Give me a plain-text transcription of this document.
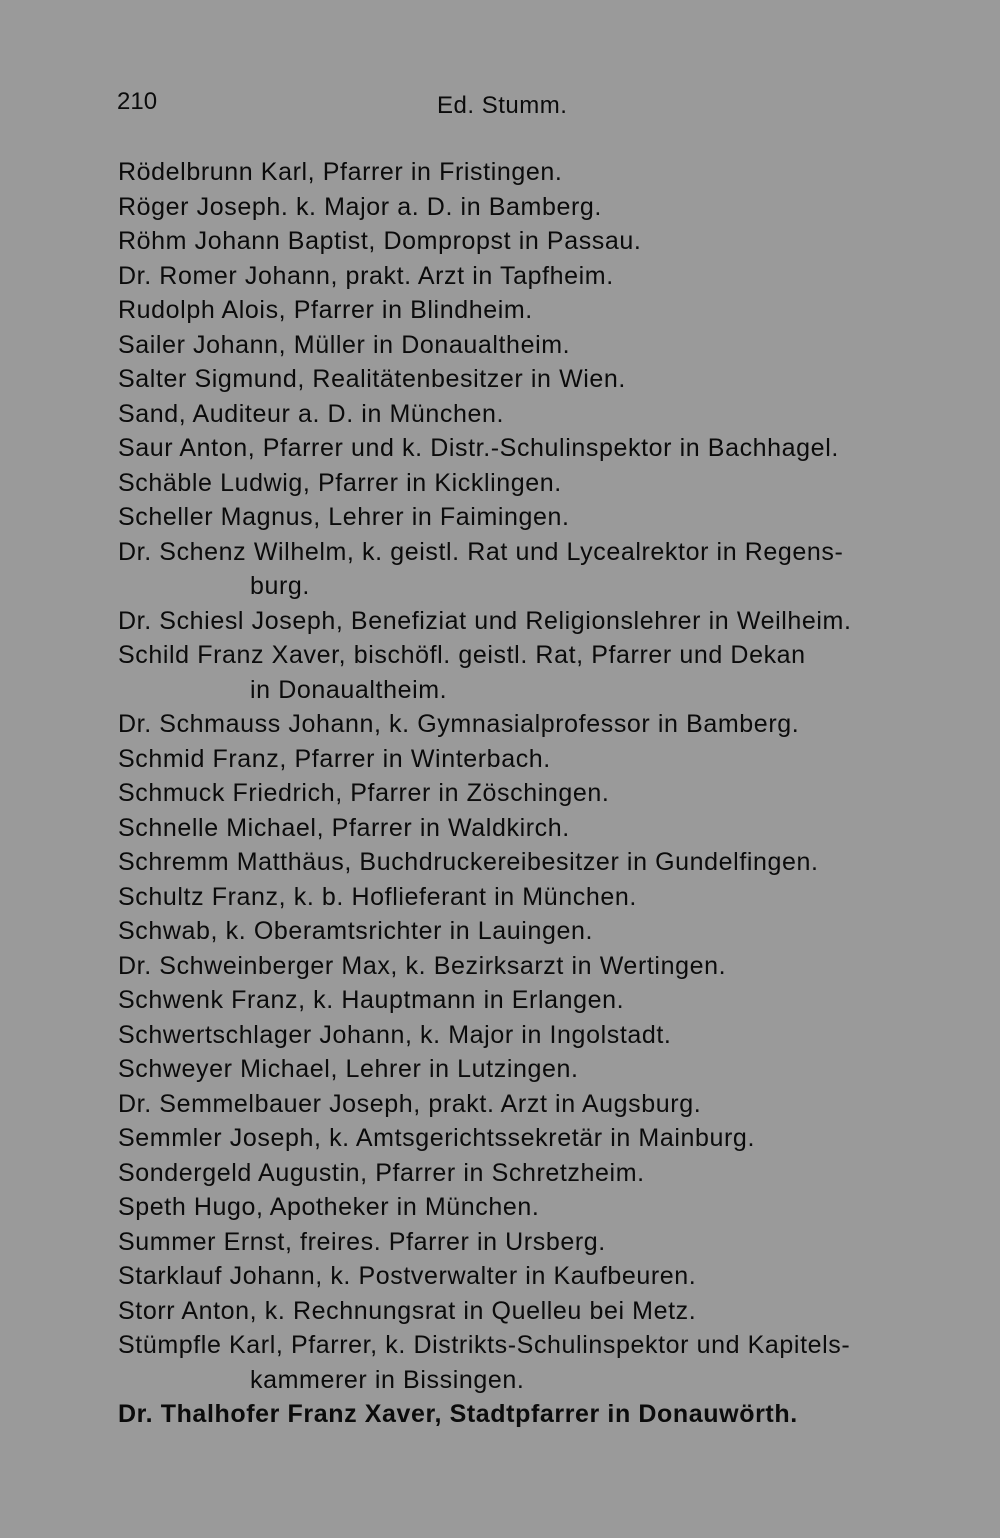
210	Ed. Stumm.
Rödelbrunn Karl, Pfarrer in Fristingen.
Röger Joseph. k. Major a. D. in Bamberg.
Röhm Johann Baptist, Dompropst in Passau.
Dr. Romer Johann, prakt. Arzt in Tapfheim.
Rudolph Alois, Pfarrer in Blindheim.
Sailer Johann, Müller in Donaualtheim.
Salter Sigmund, Realitätenbesitzer in Wien.
Sand, Auditeur a. D. in München.
Saur Anton, Pfarrer und k. Distr.-Schulinspektor in Bachhagel.
Schäble Ludwig, Pfarrer in Kicklingen.
Scheller Magnus, Lehrer in Faimingen.
Dr. Schenz Wilhelm, k. geistl. Rat und Lycealrektor in Regens-
burg.
Dr. Schiesl Joseph, Benefiziat und Religionslehrer in Weilheim.
Schild Franz Xaver, bischöfl. geistl. Rat, Pfarrer und Dekan
in Donaualtheim.
Dr. Schmauss Johann, k. Gymnasialprofessor in Bamberg.
Schmid Franz, Pfarrer in Winterbach.
Schmuck Friedrich, Pfarrer in Zöschingen.
Schnelle Michael, Pfarrer in Waldkirch.
Schremm Matthäus, Buchdruckereibesitzer in Gundelfingen.
Schultz Franz, k. b. Hoflieferant in München.
Schwab, k. Oberamtsrichter in Lauingen.
Dr. Schweinberger Max, k. Bezirksarzt in Wertingen.
Schwenk Franz, k. Hauptmann in Erlangen.
Schwertschlager Johann, k. Major in Ingolstadt.
Schweyer Michael, Lehrer in Lutzingen.
Dr. Semmelbauer Joseph, prakt. Arzt in Augsburg.
Semmler Joseph, k. Amtsgerichtssekretär in Mainburg.
Sondergeld Augustin, Pfarrer in Schretzheim.
Speth Hugo, Apotheker in München.
Summer Ernst, freires. Pfarrer in Ursberg.
Starklauf Johann, k. Postverwalter in Kaufbeuren.
Storr Anton, k. Rechnungsrat in Quelleu bei Metz.
Stümpfle Karl, Pfarrer, k. Distrikts-Schulinspektor und Kapitels-
kammerer in Bissingen.
Dr. Thalhofer Franz Xaver, Stadtpfarrer in Donauwörth.
